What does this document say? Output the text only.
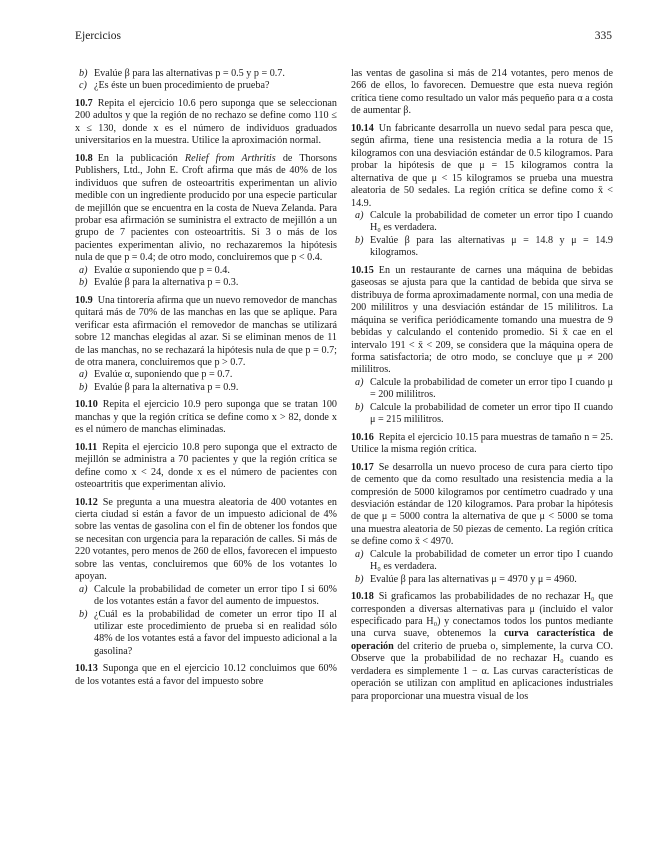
Ejercicios	335
b) Evalúe β para las alternativas p = 0.5 y p = 0.7.
c) ¿Es éste un buen procedimiento de prueba?

10.7 Repita el ejercicio 10.6 pero suponga que se seleccionan 200 adultos y que la región de no rechazo se define como 110 ≤ x ≤ 130, donde x es el número de individuos graduados universitarios en la muestra. Utilice la aproximación normal.

10.8 En la publicación Relief from Arthritis de Thorsons Publishers, Ltd., John E. Croft afirma que más de 40% de los individuos que sufren de osteoartritis experimentan un alivio medible con un ingrediente producido por una especie particular de mejillón que se encuentra en la costa de Nueva Zelanda. Para probar esa afirmación se suministra el extracto de mejillón a un grupo de 7 pacientes con osteoartritis. Si 3 o más de los pacientes experimentan alivio, no rechazaremos la hipótesis nula de que p = 0.4; de otro modo, concluiremos que p < 0.4.

a) Evalúe α suponiendo que p = 0.4.
b) Evalúe β para la alternativa p = 0.3.

10.9 Una tintorería afirma que un nuevo removedor de manchas quitará más de 70% de las manchas en las que se aplique. Para verificar esta afirmación el removedor de manchas se utilizará sobre 12 manchas elegidas al azar. Si se eliminan menos de 11 de las manchas, no se rechazará la hipótesis nula de que p = 0.7; de otra manera, concluiremos que p > 0.7.

a) Evalúe α, suponiendo que p = 0.7.
b) Evalúe β para la alternativa p = 0.9.

10.10 Repita el ejercicio 10.9 pero suponga que se tratan 100 manchas y que la región crítica se define como x > 82, donde x es el número de manchas eliminadas.

10.11 Repita el ejercicio 10.8 pero suponga que el extracto de mejillón se administra a 70 pacientes y que la región crítica se define como x < 24, donde x es el número de pacientes con osteoartritis que experimentan alivio.

10.12 Se pregunta a una muestra aleatoria de 400 votantes en cierta ciudad si están a favor de un impuesto adicional de 4% sobre las ventas de gasolina con el fin de obtener los fondos que se necesitan con urgencia para la reparación de calles. Si más de 220 votantes, pero menos de 260 de ellos, favorecen el impuesto sobre las ventas, concluiremos que 60% de los votantes lo apoyan.

a) Calcule la probabilidad de cometer un error tipo I si 60% de los votantes están a favor del aumento de impuestos.
b) ¿Cuál es la probabilidad de cometer un error tipo II al utilizar este procedimiento de prueba si en realidad sólo 48% de los votantes está a favor del impuesto adicional a la gasolina?

10.13 Suponga que en el ejercicio 10.12 concluimos que 60% de los votantes está a favor del impuesto sobre

las ventas de gasolina si más de 214 votantes, pero menos de 266 de ellos, lo favorecen. Demuestre que esta nueva región crítica tiene como resultado un valor más pequeño para α a costa de aumentar β.

10.14 Un fabricante desarrolla un nuevo sedal para pesca que, según afirma, tiene una resistencia media a la rotura de 15 kilogramos con una desviación estándar de 0.5 kilogramos. Para probar la hipótesis de que μ = 15 kilogramos contra la alternativa de que μ < 15 kilogramos se prueba una muestra aleatoria de 50 sedales. La región crítica se define como x̄ < 14.9.

a) Calcule la probabilidad de cometer un error tipo I cuando H₀ es verdadera.
b) Evalúe β para las alternativas μ = 14.8 y μ = 14.9 kilogramos.

10.15 En un restaurante de carnes una máquina de bebidas gaseosas se ajusta para que la cantidad de bebida que sirva se distribuya de forma aproximadamente normal, con una media de 200 mililitros y una desviación estándar de 15 mililitros. La máquina se verifica periódicamente tomando una muestra de 9 bebidas y calculando el contenido promedio. Si x̄ cae en el intervalo 191 < x̄ < 209, se considera que la máquina opera de forma satisfactoria; de otro modo, se concluye que μ ≠ 200 mililitros.

a) Calcule la probabilidad de cometer un error tipo I cuando μ = 200 mililitros.
b) Calcule la probabilidad de cometer un error tipo II cuando μ = 215 mililitros.

10.16 Repita el ejercicio 10.15 para muestras de tamaño n = 25. Utilice la misma región crítica.

10.17 Se desarrolla un nuevo proceso de cura para cierto tipo de cemento que da como resultado una resistencia media a la compresión de 5000 kilogramos por centímetro cuadrado y una desviación estándar de 120 kilogramos. Para probar la hipótesis de que μ = 5000 contra la alternativa de que μ < 5000 se toma una muestra aleatoria de 50 piezas de cemento. La región crítica se define como x̄ < 4970.

a) Calcule la probabilidad de cometer un error tipo I cuando H₀ es verdadera.
b) Evalúe β para las alternativas μ = 4970 y μ = 4960.

10.18 Si graficamos las probabilidades de no rechazar H₀ que corresponden a diversas alternativas para μ (incluido el valor especificado para H₀) y conectamos todos los puntos mediante una curva suave, obtenemos la curva característica de operación del criterio de prueba o, simplemente, la curva CO. Observe que la probabilidad de no rechazar H₀ cuando es verdadera es simplemente 1 − α. Las curvas características de operación se utilizan con amplitud en aplicaciones industriales para proporcionar una muestra visual de los
